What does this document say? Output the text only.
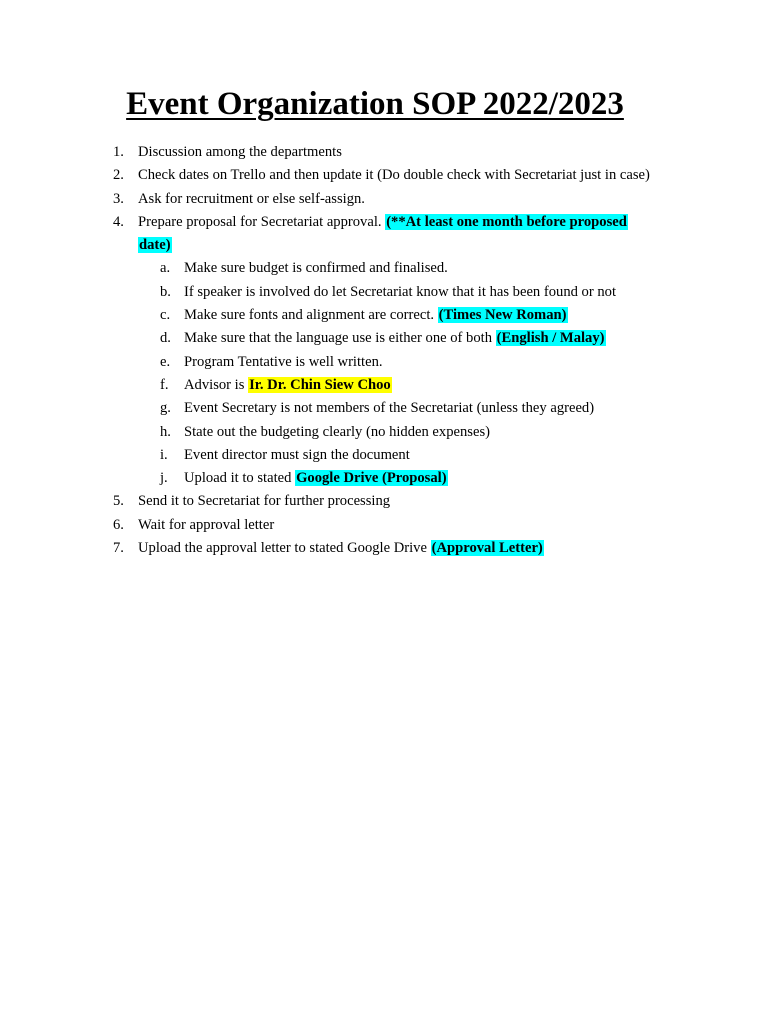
Event Organization SOP 2022/2023
1. Discussion among the departments
2. Check dates on Trello and then update it (Do double check with Secretariat just in case)
3. Ask for recruitment or else self-assign.
4. Prepare proposal for Secretariat approval. (**At least one month before proposed
date)
a. Make sure budget is confirmed and finalised.
b. If speaker is involved do let Secretariat know that it has been found or not
c. Make sure fonts and alignment are correct. (Times New Roman)
d. Make sure that the language use is either one of both (English / Malay)
e. Program Tentative is well written.
f. Advisor is Ir. Dr. Chin Siew Choo
g. Event Secretary is not members of the Secretariat (unless they agreed)
h. State out the budgeting clearly (no hidden expenses)
i. Event director must sign the document
j. Upload it to stated Google Drive (Proposal)
5. Send it to Secretariat for further processing
6. Wait for approval letter
7. Upload the approval letter to stated Google Drive (Approval Letter)
